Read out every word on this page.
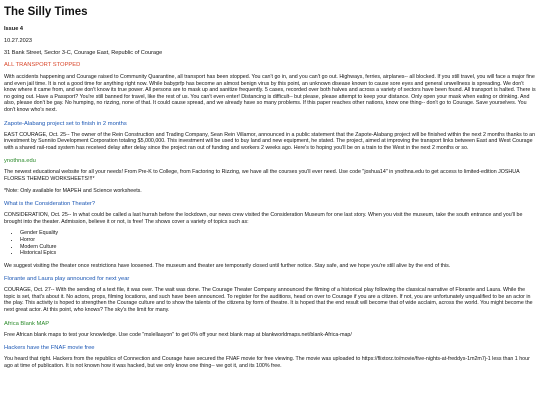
The Silly Times
Issue 4
10.27.2023
31 Bank Street, Sector 3-C, Courage East, Republic of Courage
ALL TRANSPORT STOPPED

With accidents happening and Courage raised to Community Quarantine, all transport has been stopped. You can't go in, and you can't go out. Highways, ferries, airplanes-- all blocked. If you still travel, you will face a major fine and even jail time. It is not a good time for anything right now. While babyprfp has become an almost benign virus by this point, an unknown disease known to cause sore eyes and general unwellness is spreading. We don't know where it came from, and we don't know its true power. All persons are to mask up and sanitize frequently. 5 cases, recorded over both halves and across a variety of sectors have been found. All transport is halted. There is no going out. Have a Passport? You're still banned for travel, like the rest of us. You can't even enter! Distancing is difficult-- but please, please attempt to keep your distance. Only open your mask when eating or drinking. And also, please don't be gay. No humping, no rizzing, none of that. It could cause spread, and we already have so many problems. If this paper reaches other nations, know one thing-- don't go to Courage. Save yourselves. You don't know who's next.

Zapote-Alabang project set to finish in 2 months

EAST COURAGE, Oct. 25-- The owner of the Rein Construction and Trading Company, Sean Rein Villamor, announced in a public statement that the Zapote-Alabang project will be finished within the next 2 months thanks to an investment by Sunniio Development Corporation totaling $5,000,000. This investment will be used to buy land and new equipment, he stated. The project, aimed at improving the transport links between East and West Courage with a shared rail-road system has received delay after delay since the project ran out of funding and workers 2 weeks ago. Here's to hoping you'll be on a train to the West in the next 2 months or so.

ynothna.edu

The newest educational website for all your needs! From Pre-K to College, from Factoring to Rizzing, we have all the courses you'll ever need. Use code "joshua14" in ynothna.edu to get access to limited-edition JOSHUA FLORES THEMED WORKSHEETS!!!*

*Note: Only available for MAPEH and Science worksheets.

What is the Consideration Theater?

CONSIDERATION, Oct. 25-- In what could be called a last hurrah before the lockdown, our news crew visited the Consideration Museum for one last story. When you visit the museum, take the south entrance and you'll be brought into the theater. Admission, believe it or not, is free! The shows cover a variety of topics such as:

• Gender Equality
• Horror
• Modern Culture
• Historical Epics

We suggest visiting the theater once restrictions have loosened. The museum and theater are temporarily closed until further notice. Stay safe, and we hope you're still alive by the end of this.

Florante and Laura play announced for next year

COURAGE, Oct. 27-- With the sending of a text file, it was over. The wait was done. The Courage Theater Company announced the filming of a historical play following the classical narrative of Florante and Laura. While the topic is set, that's about it. No actors, props, filming locations, and such have been announced. To register for the auditions, head on over to Courage if you are a citizen. If not, you are unfortunately unqualified to be an actor in the play. This activity is hoped to strengthen the Courage culture and to show the talents of the citizens by form of theatre. It is hoped that the end result will become that of wide acclaim, across the world. You might become the next great actor. At this point, who knows? The sky's the limit for many.

Africa Blank MAP

Free African blank maps to test your knowledge. Use code "mslellaayon" to get 0% off your next blank map at blankworldmaps.net/blank-Africa-map/

Hackers have the FNAF movie free

You heard that right. Hackers from the republics of Connection and Courage have secured the FNAF movie for free viewing. The movie was uploaded to https://flixtorz.to/movie/five-nights-at-freddys-1m2m7j-1 less than 1 hour ago at time of publication. It is not known how it was hacked, but we only know one thing-- we got it, and its 100% free.
